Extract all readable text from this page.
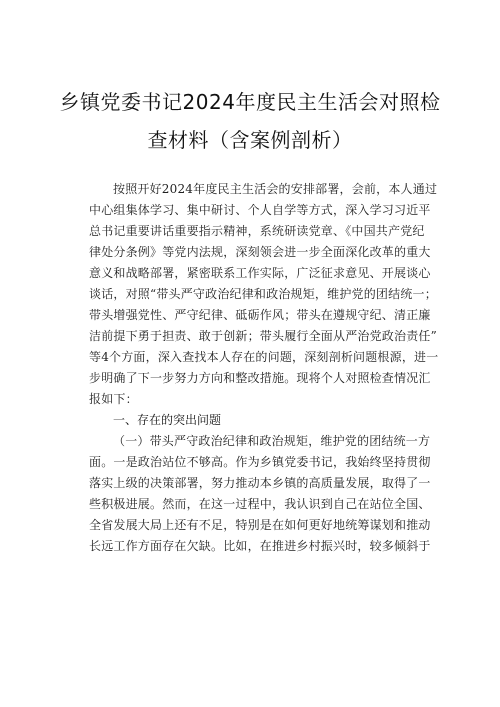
乡镇党委书记2024年度民主生活会对照检
查材料（含案例剖析）
按照开好2024年度民主生活会的安排部署，会前，本人通过
中心组集体学习、集中研讨、个人自学等方式，深入学习习近平
总书记重要讲话重要指示精神，系统研读党章、《中国共产党纪
律处分条例》等党内法规，深刻领会进一步全面深化改革的重大
意义和战略部署，紧密联系工作实际，广泛征求意见、开展谈心
谈话，对照“带头严守政治纪律和政治规矩，维护党的团结统一；
带头增强党性、严守纪律、砥砺作风；带头在遵规守纪、清正廉
洁前提下勇于担责、敢于创新；带头履行全面从严治党政治责任”
等4个方面，深入查找本人存在的问题，深刻剖析问题根源，进一
步明确了下一步努力方向和整改措施。现将个人对照检查情况汇
报如下：
一、存在的突出问题
（一）带头严守政治纪律和政治规矩，维护党的团结统一方
面。一是政治站位不够高。作为乡镇党委书记，我始终坚持贯彻
落实上级的决策部署，努力推动本乡镇的高质量发展，取得了一
些积极进展。然而，在这一过程中，我认识到自己在站位全国、
全省发展大局上还有不足，特别是在如何更好地统筹谋划和推动
长远工作方面存在欠缺。比如，在推进乡村振兴时，较多倾斜于
